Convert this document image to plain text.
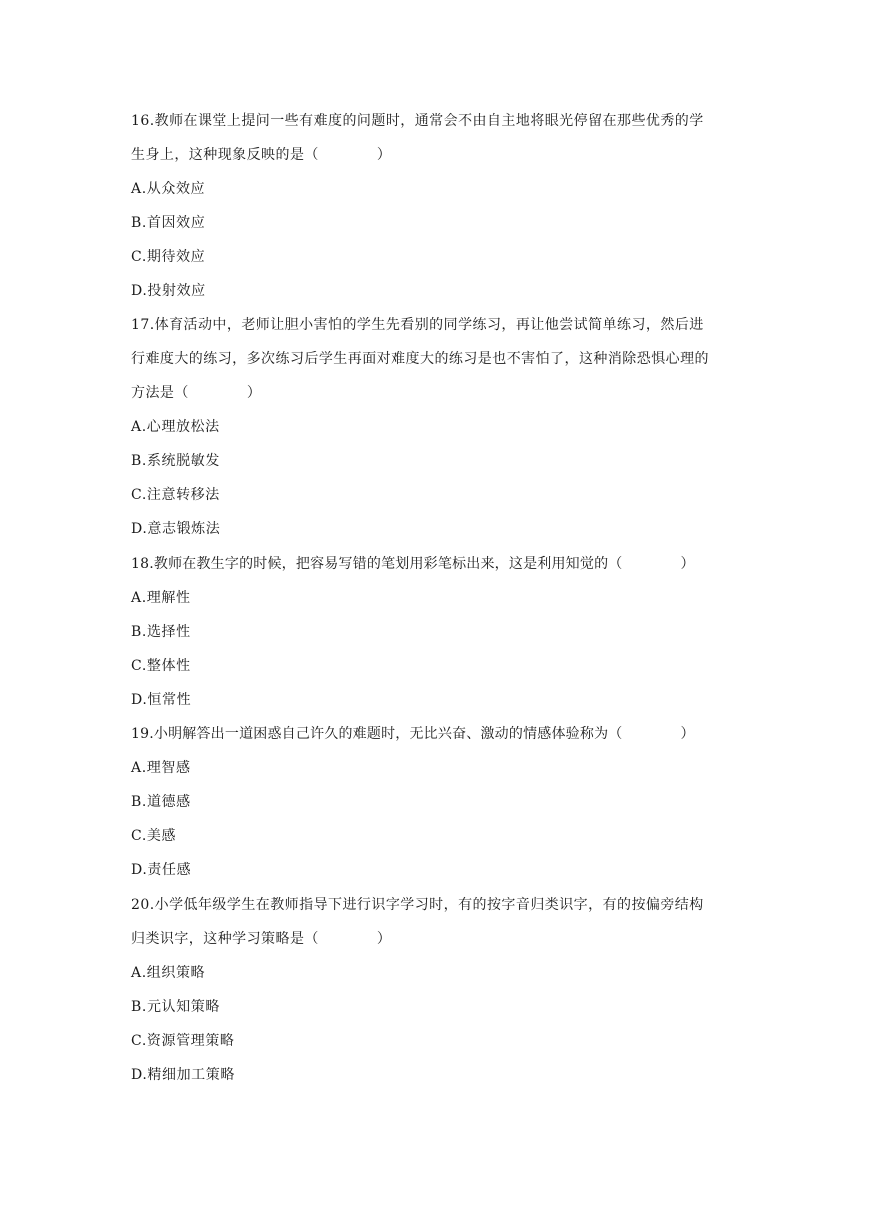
16.教师在课堂上提问一些有难度的问题时，通常会不由自主地将眼光停留在那些优秀的学
生身上，这种现象反映的是（	）
A.从众效应
B.首因效应
C.期待效应
D.投射效应
17.体育活动中，老师让胆小害怕的学生先看别的同学练习，再让他尝试简单练习，然后进
行难度大的练习，多次练习后学生再面对难度大的练习是也不害怕了，这种消除恐惧心理的
方法是（	）
A.心理放松法
B.系统脱敏发
C.注意转移法
D.意志锻炼法
18.教师在教生字的时候，把容易写错的笔划用彩笔标出来，这是利用知觉的（	）
A.理解性
B.选择性
C.整体性
D.恒常性
19.小明解答出一道困惑自己许久的难题时，无比兴奋、激动的情感体验称为（	）
A.理智感
B.道德感
C.美感
D.责任感
20.小学低年级学生在教师指导下进行识字学习时，有的按字音归类识字，有的按偏旁结构
归类识字，这种学习策略是（	）
A.组织策略
B.元认知策略
C.资源管理策略
D.精细加工策略
